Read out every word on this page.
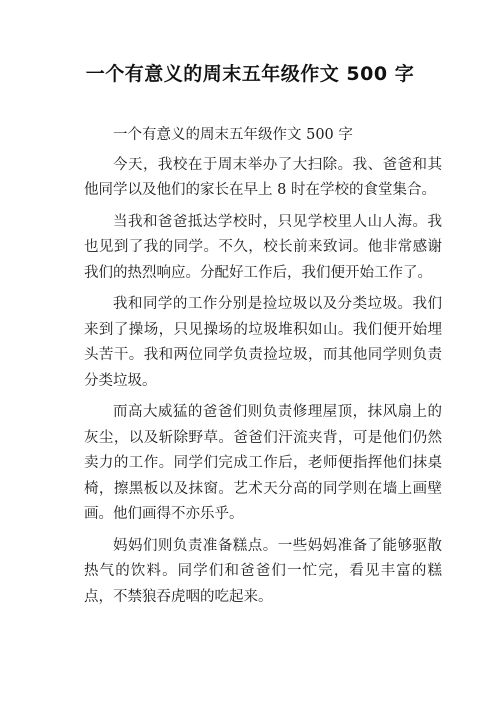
一个有意义的周末五年级作文 500 字

一个有意义的周末五年级作文 500 字

今天，我校在于周末举办了大扫除。我、爸爸和其他同学以及他们的家长在早上 8 时在学校的食堂集合。

当我和爸爸抵达学校时，只见学校里人山人海。我也见到了我的同学。不久，校长前来致词。他非常感谢我们的热烈响应。分配好工作后，我们便开始工作了。

我和同学的工作分别是捡垃圾以及分类垃圾。我们来到了操场，只见操场的垃圾堆积如山。我们便开始埋头苦干。我和两位同学负责捡垃圾，而其他同学则负责分类垃圾。

而高大威猛的爸爸们则负责修理屋顶，抹风扇上的灰尘，以及斩除野草。爸爸们汗流夹背，可是他们仍然卖力的工作。同学们完成工作后，老师便指挥他们抹桌椅，擦黑板以及抹窗。艺术天分高的同学则在墙上画壁画。他们画得不亦乐乎。

妈妈们则负责准备糕点。一些妈妈准备了能够驱散热气的饮料。同学们和爸爸们一忙完，看见丰富的糕点，不禁狼吞虎咽的吃起来。
